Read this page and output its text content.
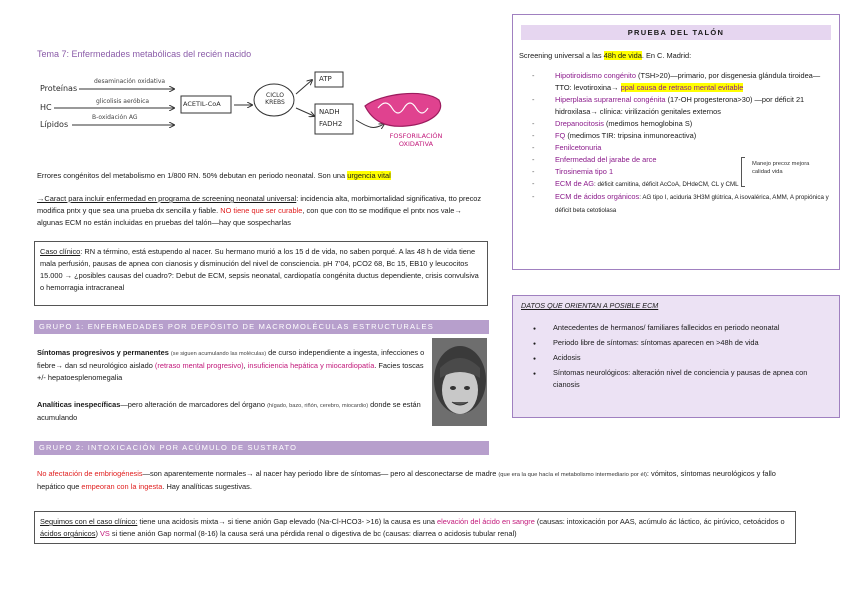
Tema 7: Enfermedades metabólicas del recién nacido
Proteínas
HC
Lípidos
desaminación oxidativa
glicolisis aeróbica
B-oxidación AG
ACETIL-CoA
CICLO KREBS
ATP
NADH
FADH2
FOSFORILACIÓN OXIDATIVA
Errores congénitos del metabolismo en 1/800 RN. 50% debutan en periodo neonatal. Son una urgencia vital
→Caract para incluir enfermedad en programa de screening neonatal universal: incidencia alta, morbimortalidad significativa, tto precoz modifica pntx y que sea una prueba dx sencilla y fiable. NO tiene que ser curable, con que con tto se modifique el pntx nos vale→ algunas ECM no están incluidas en pruebas del talón—hay que sospecharlas
Caso clínico: RN a término, está estupendo al nacer. Su hermano murió a los 15 d de vida, no saben porqué. A las 48 h de vida tiene mala perfusión, pausas de apnea con cianosis y disminución del nivel de consciencia. pH 7’04, pCO2 68, Bc 15, EB10 y leucocitos 15.000 → ¿posibles causas del cuadro?: Debut de ECM, sepsis neonatal, cardiopatía congénita ductus dependiente, crisis convulsiva o hemorragia intracraneal
GRUPO 1: ENFERMEDADES POR DEPÓSITO DE MACROMOLÉCULAS ESTRUCTURALES
Síntomas progresivos y permanentes (se siguen acumulando las moléculas) de curso independiente a ingesta, infecciones o fiebre→ dan sd neurológico aislado (retraso mental progresivo), insuficiencia hepática y miocardiopatía. Facies toscas +/- hepatoesplenomegalia
Analíticas inespecíficas—pero alteración de marcadores del órgano (hígado, bazo, riñón, cerebro, miocardio) donde se están acumulando
GRUPO 2: INTOXICACIÓN POR ACÚMULO DE SUSTRATO
No afectación de embriogénesis—son aparentemente normales→ al nacer hay periodo libre de síntomas— pero al desconectarse de madre (que era la que hacía el metabolismo intermediario por él): vómitos, síntomas neurológicos y fallo hepático que empeoran con la ingesta. Hay analíticas sugestivas.
Seguimos con el caso clínico: tiene una acidosis mixta→ si tiene anión Gap elevado (Na-Cl-HCO3- >16) la causa es una elevación del ácido en sangre (causas: intoxicación por AAS, acúmulo ác láctico, ác pirúvico, cetoácidos o ácidos orgánicos) VS si tiene anión Gap normal (8-16) la causa será una pérdida renal o digestiva de bc (causas: diarrea o acidosis tubular renal)
PRUEBA DEL TALÓN
Screening universal a las 48h de vida. En C. Madrid:
-	Hipotiroidismo congénito (TSH>20)—primario, por disgenesia glándula tiroidea—TTO: levotiroxina→ ppal causa de retraso mental evitable
-	Hiperplasia suprarrenal congénita (17-OH progesterona>30) —por déficit 21 hidroxilasa→ clínica: virilización genitales externos
-	Drepanocitosis (medimos hemoglobina S)
-	FQ (medimos TIR: tripsina inmunoreactiva)
-	Fenilcetonuria
-	Enfermedad del jarabe de arce
-	Tirosinemia tipo 1
-	ECM de AG: déficit carnitina, déficit AcCoA, DHdeCM, CL y CML
-	ECM de ácidos orgánicos: AG tipo I, aciduria 3H3M glútrica, A isovalérica, AMM, A propiónica y déficit beta cetotiolasa
Manejo precoz mejora calidad vida
DATOS QUE ORIENTAN A POSIBLE ECM
● Antecedentes de hermanos/ familiares fallecidos en periodo neonatal
● Periodo libre de síntomas: síntomas aparecen en >48h de vida
● Acidosis
● Síntomas neurológicos: alteración nivel de conciencia y pausas de apnea con cianosis
